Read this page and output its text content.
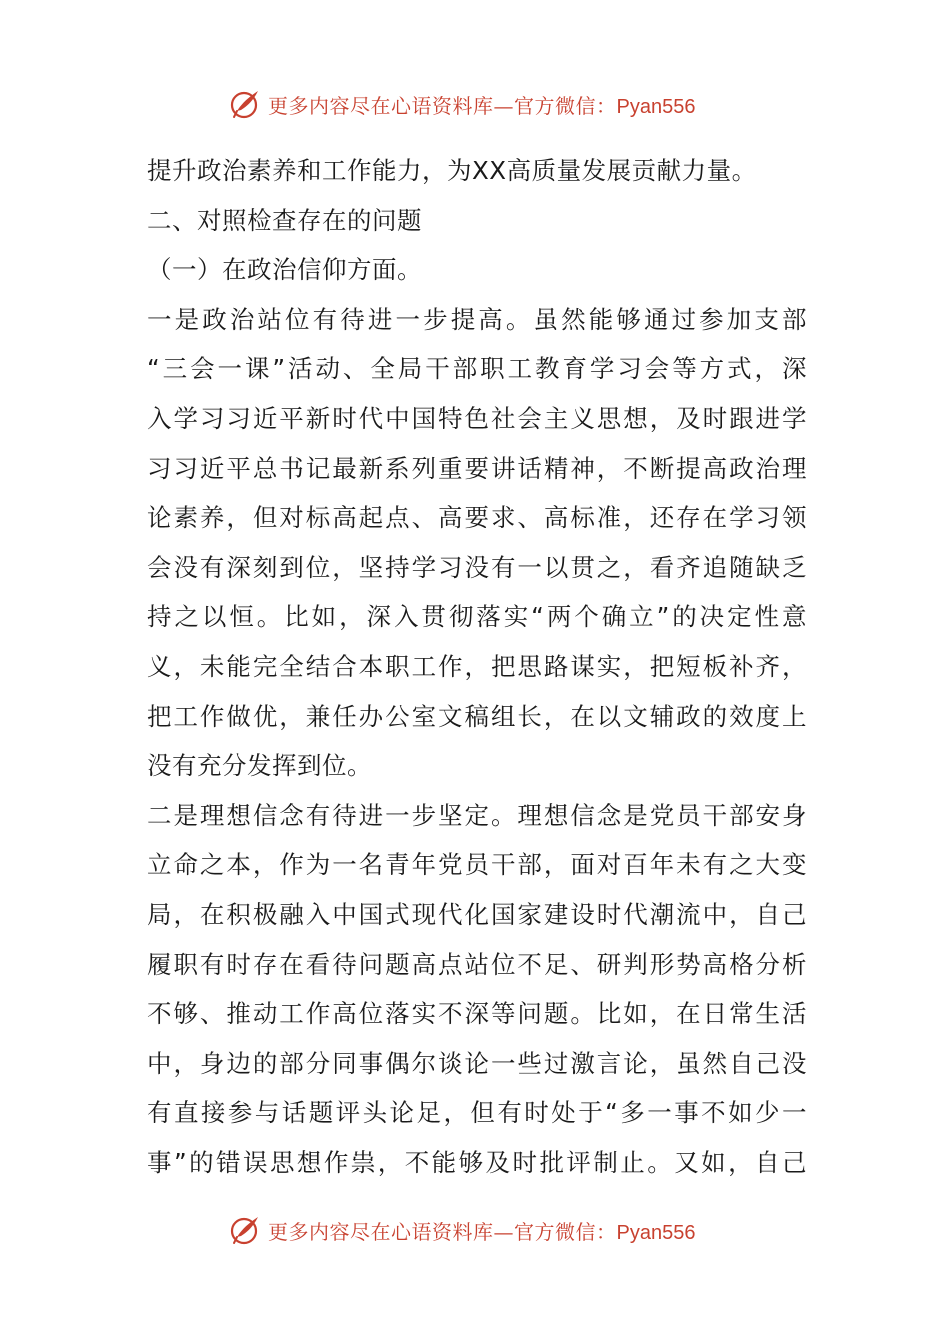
更多内容尽在心语资料库—官方微信：Pyan556
提升政治素养和工作能力，为XX高质量发展贡献力量。
二、对照检查存在的问题
（一）在政治信仰方面。
一是政治站位有待进一步提高。虽然能够通过参加支部
“三会一课”活动、全局干部职工教育学习会等方式，深
入学习习近平新时代中国特色社会主义思想，及时跟进学
习习近平总书记最新系列重要讲话精神，不断提高政治理
论素养，但对标高起点、高要求、高标准，还存在学习领
会没有深刻到位，坚持学习没有一以贯之，看齐追随缺乏
持之以恒。比如，深入贯彻落实“两个确立”的决定性意
义，未能完全结合本职工作，把思路谋实，把短板补齐，
把工作做优，兼任办公室文稿组长，在以文辅政的效度上
没有充分发挥到位。
二是理想信念有待进一步坚定。理想信念是党员干部安身
立命之本，作为一名青年党员干部，面对百年未有之大变
局，在积极融入中国式现代化国家建设时代潮流中，自己
履职有时存在看待问题高点站位不足、研判形势高格分析
不够、推动工作高位落实不深等问题。比如，在日常生活
中，身边的部分同事偶尔谈论一些过激言论，虽然自己没
有直接参与话题评头论足，但有时处于“多一事不如少一
事”的错误思想作祟，不能够及时批评制止。又如，自己
更多内容尽在心语资料库—官方微信：Pyan556
